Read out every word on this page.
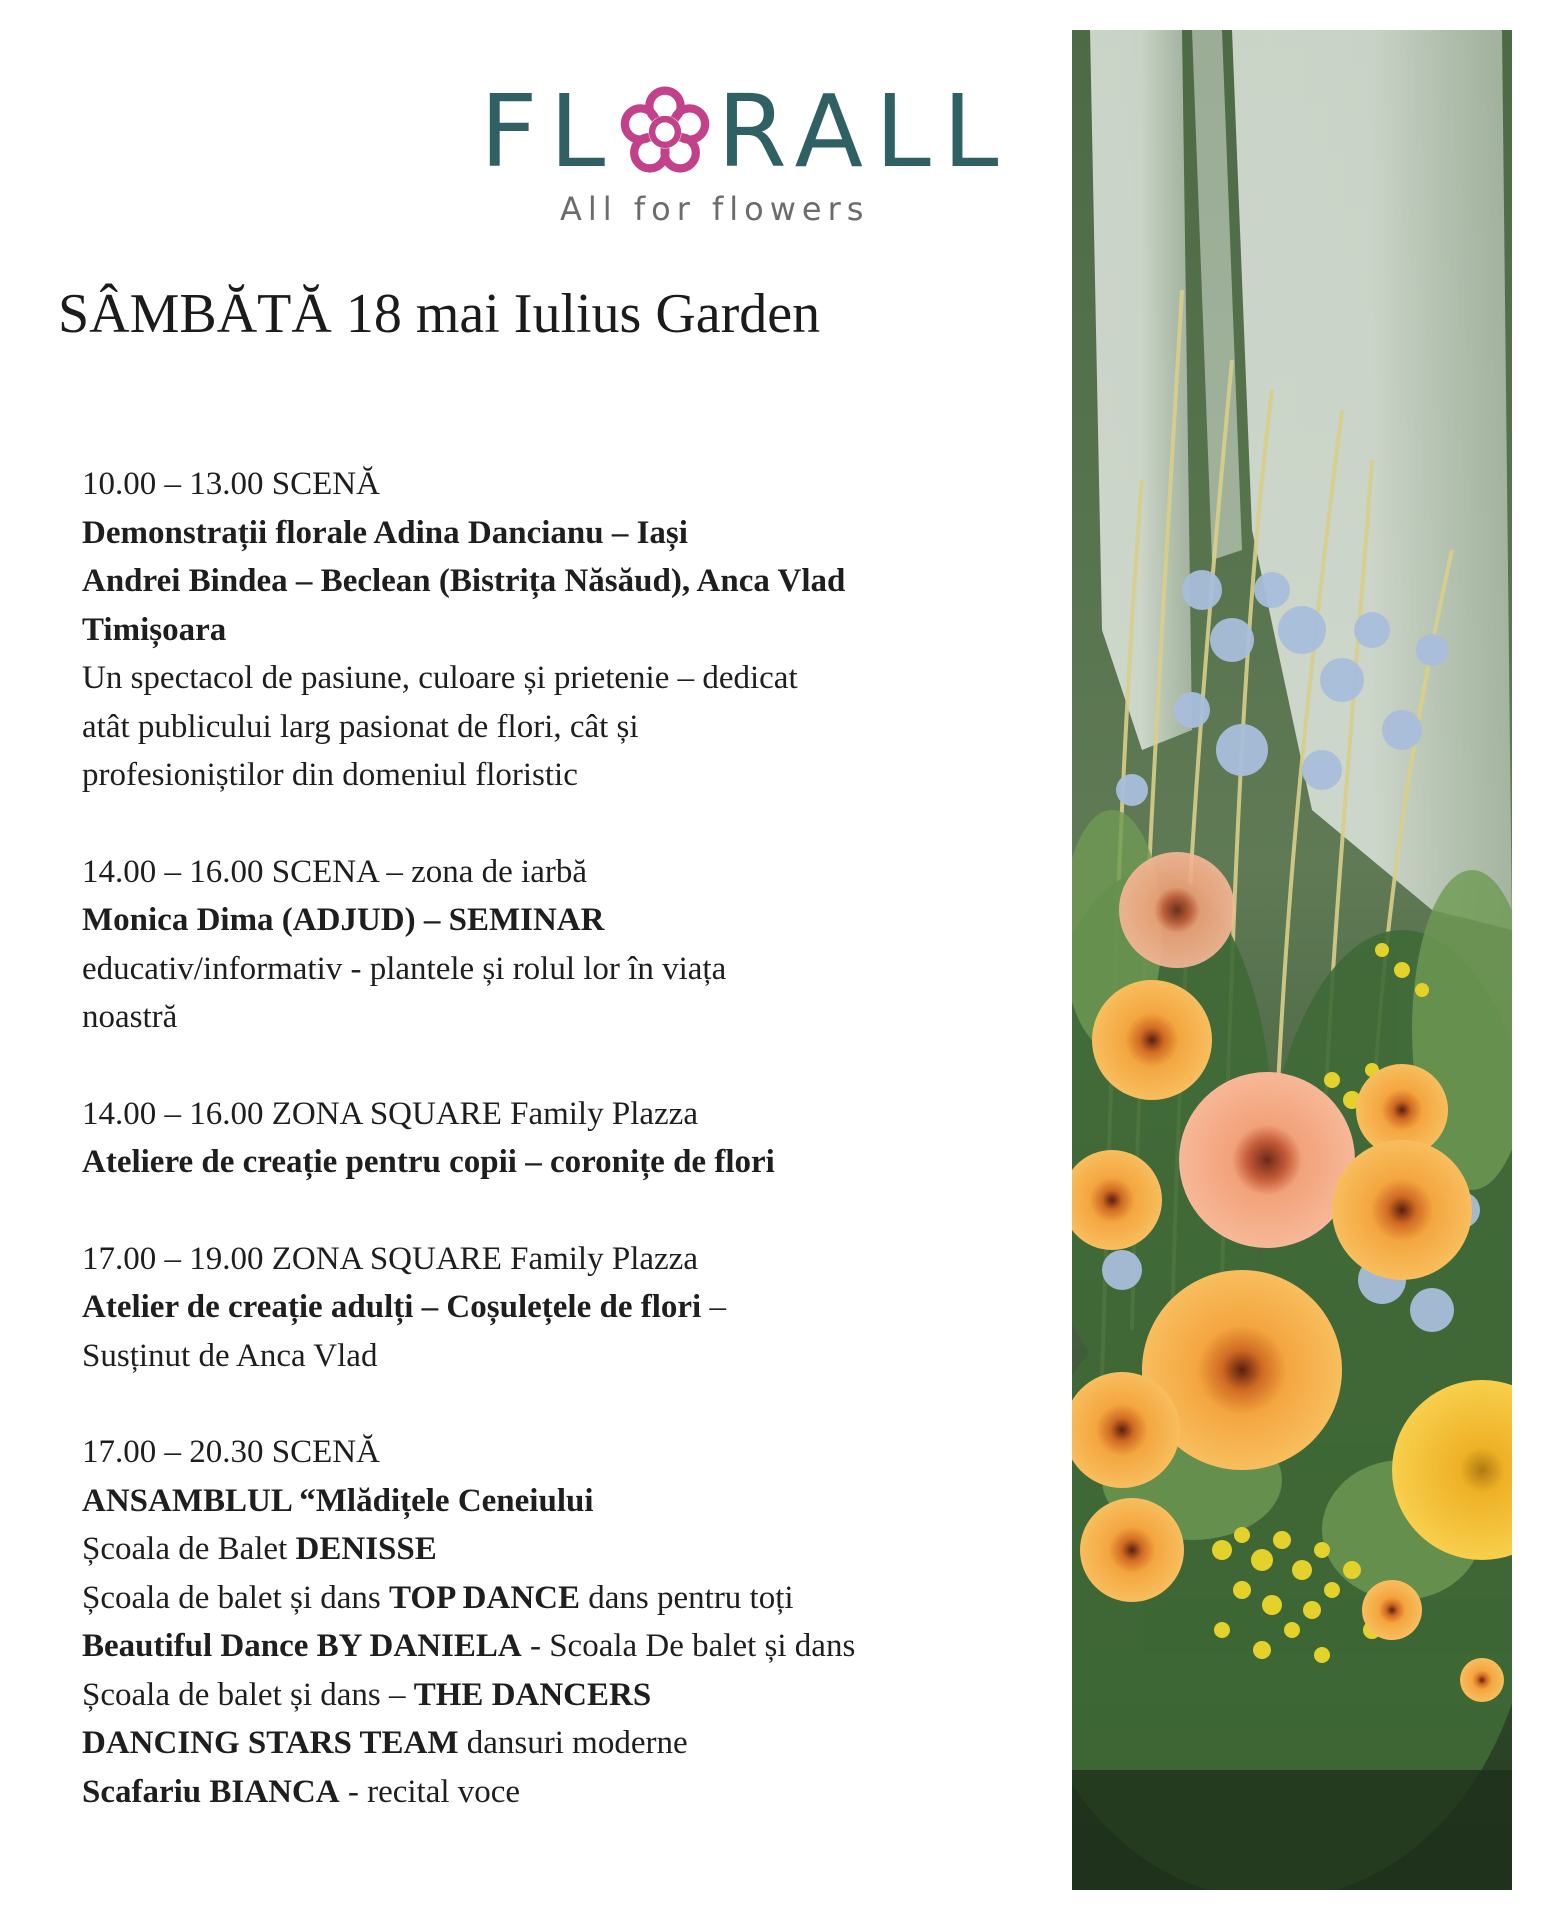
FL RALL
All for flowers
SÂMBĂTĂ 18 mai Iulius Garden
10.00 – 13.00 SCENĂ
Demonstrații florale Adina Dancianu – Iași
Andrei Bindea – Beclean (Bistrița Năsăud), Anca Vlad
Timișoara
Un spectacol de pasiune, culoare și prietenie – dedicat
atât publicului larg pasionat de flori, cât și
profesioniștilor din domeniul floristic
14.00 – 16.00 SCENA – zona de iarbă
Monica Dima (ADJUD) – SEMINAR
educativ/informativ - plantele și rolul lor în viața
noastră
14.00 – 16.00 ZONA SQUARE Family Plazza
Ateliere de creație pentru copii – coronițe de flori
17.00 – 19.00 ZONA SQUARE Family Plazza
Atelier de creație adulți – Coșulețele de flori –
Susținut de Anca Vlad
17.00 – 20.30 SCENĂ
ANSAMBLUL “Mlădițele Ceneiului
Școala de Balet DENISSE
Școala de balet și dans TOP DANCE dans pentru toți
Beautiful Dance BY DANIELA - Scoala De balet și dans
Școala de balet și dans – THE DANCERS
DANCING STARS TEAM dansuri moderne
Scafariu BIANCA - recital voce
